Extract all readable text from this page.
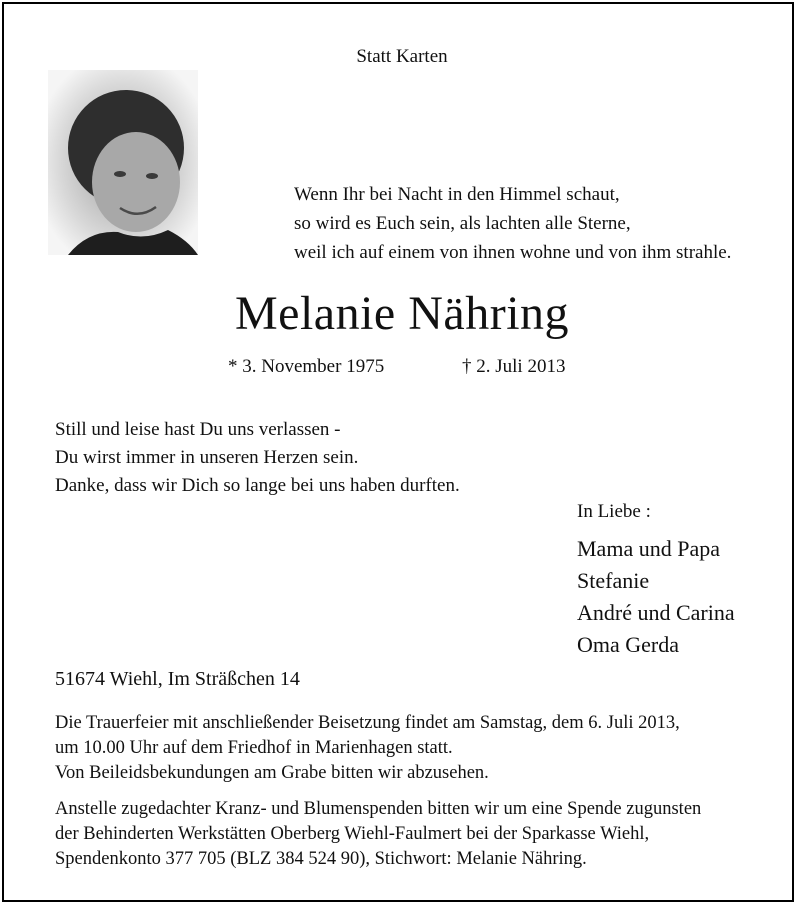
Statt Karten
Wenn Ihr bei Nacht in den Himmel schaut,
so wird es Euch sein, als lachten alle Sterne,
weil ich auf einem von ihnen wohne und von ihm strahle.
Melanie Nähring
* 3. November 1975	† 2. Juli 2013
Still und leise hast Du uns verlassen -
Du wirst immer in unseren Herzen sein.
Danke, dass wir Dich so lange bei uns haben durften.
In Liebe :
Mama und Papa
Stefanie
André und Carina
Oma Gerda
51674 Wiehl, Im Sträßchen 14
Die Trauerfeier mit anschließender Beisetzung findet am Samstag, dem 6. Juli 2013,
um 10.00 Uhr auf dem Friedhof in Marienhagen statt.
Von Beileidsbekundungen am Grabe bitten wir abzusehen.
Anstelle zugedachter Kranz- und Blumenspenden bitten wir um eine Spende zugunsten
der Behinderten Werkstätten Oberberg Wiehl-Faulmert bei der Sparkasse Wiehl,
Spendenkonto 377 705 (BLZ 384 524 90), Stichwort: Melanie Nähring.
